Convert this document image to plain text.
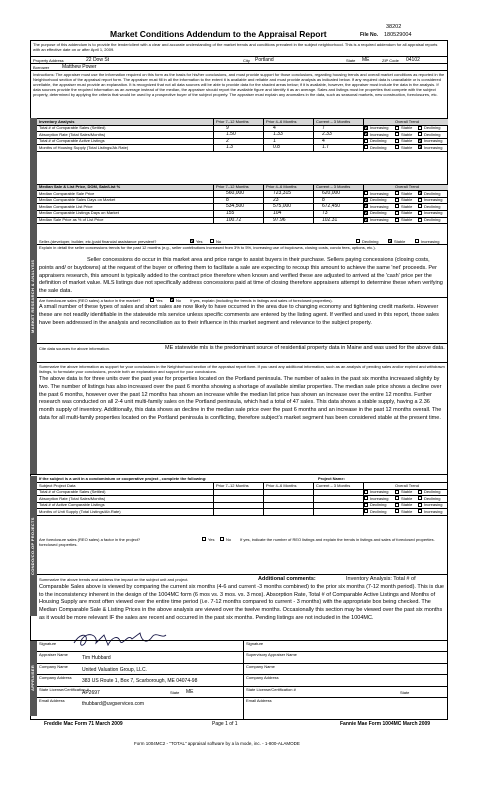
38202
Market Conditions Addendum to the Appraisal Report	File No. 180529004
The purpose of this addendum is to provide the lender/client with a clear and accurate understanding of the market trends and conditions prevalent in the subject neighborhood. This is a required addendum for all appraisal reports with an effective date on or after April 1, 2009.
Property Address	22 Dow St	City Portland	State ME	ZIP Code 04102
Borrower	Matthew Power
Instructions: The appraiser must use the information required on this form as the basis for his/her conclusions, and must provide support for those conclusions, regarding housing trends and overall market conditions as reported in the Neighborhood section of the appraisal report form. The appraiser must fill in all the information to the extent it is available and reliable and must provide analysis as indicated below. If any required data is unavailable or is considered unreliable, the appraiser must provide an explanation. It is recognized that not all data sources will be able to provide data for the shaded areas below; if it is available, however, the appraiser must include the data in the analysis. If data sources provide the required information as an average instead of the median, the appraiser should report the available figure and identify it as an average. Sales and listings must be properties that compete with the subject property, determined by applying the criteria that would be used by a prospective buyer of the subject property. The appraiser must explain any anomalies in the data, such as seasonal markets, new construction, foreclosures, etc.
MARKET RESEARCH & ANALYSIS
CONDO/CO-OP PROJECTS
APPRAISER
Inventory Analysis	Prior 7–12 Months	Prior 4–6 Months	Current – 3 Months	Overall Trend
Total # of Comparable Sales (Settled)	9	4	7 ✕	Increasing	Stable	Declining
Absorption Rate (Total Sales/Months)	1.50	1.33	2.33 ✕	Increasing	Stable	Declining
Total # of Comparable Active Listings	2	1	4	Declining	Stable ✕	Increasing
Months of Housing Supply (Total Listings/Ab.Rate)	1.3	0.8	1.7	Declining	Stable ✕	Increasing
Median Sale & List Price, DOM, Sale/List %	Prior 7–12 Months	Prior 4–6 Months	Current – 3 Months	Overall Trend
Median Comparable Sale Price	560,000	723,315	620,000	Increasing	Stable ✕	Declining
Median Comparable Sales Days on Market	8	23	8 ✕	Declining	Stable	Increasing
Median Comparable List Price	534,500	575,000	672,450 ✕	Increasing	Stable	Declining
Median Comparable Listings Days on Market	155	104	73 ✕	Declining	Stable	Increasing
Median Sale Price as % of List Price	100.72	97.96	102.31 ✕	Increasing	Stable	Declining
Seller-(developer, builder, etc.)paid financial assistance prevalent? ✕	Yes	No	Declining ✕	Stable	Increasing
Explain in detail the seller concessions trends for the past 12 months (e.g., seller contributions increased from 3% to 5%, increasing use of buydowns, closing costs, condo fees, options, etc.).
Seller concessions do occur in this market area and price range to assist buyers in their purchase. Sellers paying concessions (closing costs, points and/ or buydowns) at the request of the buyer or offering them to facilitate a sale are expecting to recoup this amount to achieve the same 'net' proceeds. Per appraisers research, this amount is typically added to the contract price therefore when known and verified these are adjusted to arrived at the 'cash' price per the definition of market value. MLS listings due not specifically address concessions paid at time of closing therefore appraisers attempt to determine these when verifying the sale data.
Are foreclosure sales (REO sales) a factor in the market?	Yes ✕	No If yes, explain (including the trends in listings and sales of foreclosed properties).
A small number of these types of sales and short sales are now likely to have occurred in the area due to changing economy and tightening credit markets. However these are not readily identifiable in the statewide mls service unless specific comments are entered by the listing agent. If verified and used in this report, those sales have been addressed in the analysis and reconciliation as to their influence in this market segment and relevance to the subject property.
Cite data sources for above information.	ME statewide mls is the predominant source of residential property data in Maine and was used for the above data.
Summarize the above information as support for your conclusions in the Neighborhood section of the appraisal report form. If you used any additional information, such as an analysis of pending sales and/or expired and withdrawn listings, to formulate your conclusions, provide both an explanation and support for your conclusions.
The above data is for three units over the past year for properties located on the Portland peninsula. The number of sales in the past six months increased slightly by two. The number of listings has also increased over the past 6 months showing a shortage of available similar properties. The median sale price shows a decline over the past 6 months, however over the past 12 months has shown an increase while the median list price has shown an increase over the entire 12 months. Further research was conducted on all 2-4 unit multi-family sales on the Portland peninsula, which had a total of 47 sales. This data shows a stable supply, having a 2.36 month supply of inventory. Additionally, this data shows an decline in the median sale price over the past 6 months and an increase in the past 12 months overall. The data for all multi-family properties located on the Portland peninsula is conflicting, therefore subject's market segment has been considered stable at the present time.
If the subject is a unit in a condominium or cooperative project , complete the following:	Project Name:
Subject Project Data	Prior 7–12 Months	Prior 4–6 Months	Current – 3 Months	Overall Trend
Total # of Comparable Sales (Settled)	Increasing	Stable	Declining
Absorption Rate (Total Sales/Months)	Increasing	Stable	Declining
Total # of Active Comparable Listings	Declining	Stable	Increasing
Months of Unit Supply (Total Listings/Ab.Rate)	Declining	Stable	Increasing
Are foreclosure sales (REO sales) a factor in the project?	Yes	No If yes, indicate the number of REO listings and explain the trends in listings and sales of foreclosed properties.
foreclosed properties.
Summarize the above trends and address the impact on the subject unit and project.	Additional comments:	Inventory Analysis: Total # of Comparable Sales above is viewed by comparing the current six months (4-6 and current -3 months combined) to the prior six months (7-12 month period). This is due to the inconsistency inherent in the design of the 1004MC form (6 mos vs. 3 mos. vs. 3 mos). Absorption Rate, Total # of Comparable Active Listings and Months of Housing Supply are most often viewed over the entire time period (i.e. 7-12 months compared to current - 3 months) with the appropriate box being checked. The Median Comparable Sale & Listing Prices in the above analysis are viewed over the twelve months. Occasionally this section may be viewed over the past six months as it would be more relevant IF the sales are recent and occurred in the past six months. Pending listings are not included in the 1004MC.
Signature
Appraiser Name
Tim Hubbard
Company Name
United Valuation Group, LLC.
Company Address
383 US Route 1, Box 7, Scarborough, ME 04074-98
State License/Certification #
AP2697
Email Address
thubbard@uvgservices.com
State ME
Signature
Supervisory Appraiser Name
Company Name
Company Address
State License/Certification #
Email Address
State
Freddie Mac Form 71 March 2009	Page 1 of 1	Fannie Mae Form 1004MC March 2009
Form 1004MC2 - "TOTAL" appraisal software by a la mode, inc. - 1-800-ALAMODE
